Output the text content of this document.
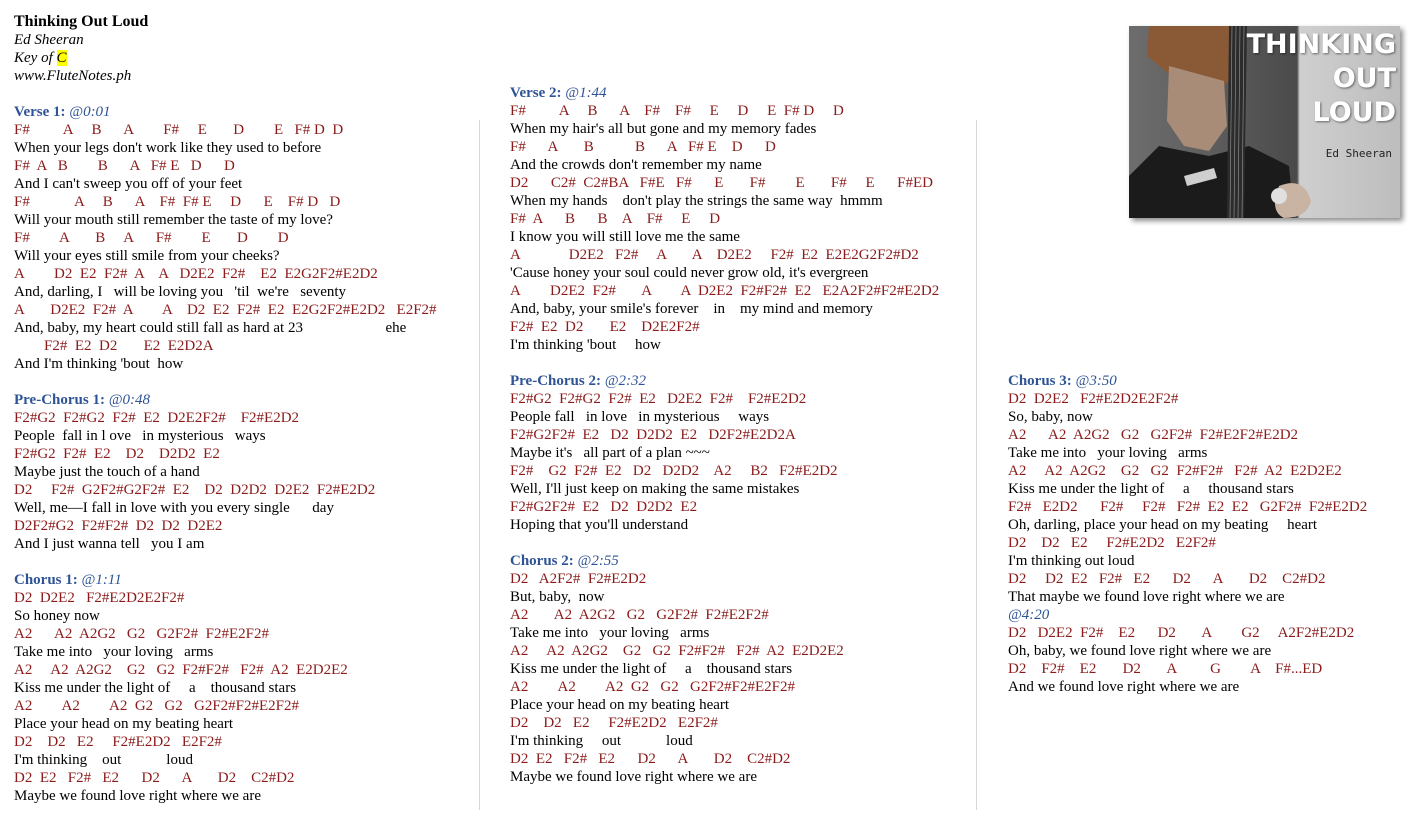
Thinking Out Loud
Ed Sheeran
Key of C
www.FluteNotes.ph
Verse 1: @0:01
F#         A     B      A        F#     E       D        E   F# D  D
When your legs don't work like they used to before
F#  A   B        B      A   F# E   D      D
And I can't sweep you off of your feet
F#            A     B      A    F#  F# E     D      E    F# D   D
Will your mouth still remember the taste of my love?
F#        A       B     A      F#        E       D        D
Will your eyes still smile from your cheeks?
A        D2  E2  F2#  A    A   D2E2  F2#    E2  E2G2F2#E2D2
And, darling, I   will be loving you   'til  we're   seventy
A       D2E2  F2#  A        A    D2  E2  F2#  E2  E2G2F2#E2D2   E2F2#
And, baby, my heart could still fall as hard at 23                      ehe
F2#  E2  D2       E2  E2D2A
And I'm thinking 'bout  how
Pre-Chorus 1: @0:48
F2#G2  F2#G2  F2#  E2  D2E2F2#    F2#E2D2
People  fall in l ove   in mysterious   ways
F2#G2  F2#  E2    D2    D2D2  E2
Maybe just the touch of a hand
D2     F2#  G2F2#G2F2#  E2    D2  D2D2  D2E2  F2#E2D2
Well, me—I fall in love with you every single      day
D2F2#G2  F2#F2#  D2  D2  D2E2
And I just wanna tell   you I am
Chorus 1: @1:11
D2  D2E2   F2#E2D2E2F2#
So honey now
A2      A2  A2G2   G2   G2F2#  F2#E2F2#
Take me into   your loving   arms
A2     A2  A2G2    G2   G2  F2#F2#   F2#  A2  E2D2E2
Kiss me under the light of     a    thousand stars
A2        A2        A2  G2   G2   G2F2#F2#E2F2#
Place your head on my beating heart
D2    D2   E2     F2#E2D2   E2F2#
I'm thinking    out            loud
D2  E2   F2#   E2      D2      A       D2    C2#D2
Maybe we found love right where we are
Verse 2: @1:44
F#         A     B      A    F#    F#     E     D     E  F# D     D
When my hair's all but gone and my memory fades
F#      A       B           B      A   F# E    D      D
And the crowds don't remember my name
D2      C2#  C2#BA   F#E   F#      E       F#        E       F#     E      F#ED
When my hands    don't play the strings the same way  hmmm
F#  A      B      B    A    F#     E     D
I know you will still love me the same
A             D2E2   F2#     A       A    D2E2     F2#  E2  E2E2G2F2#D2
'Cause honey your soul could never grow old, it's evergreen
A        D2E2  F2#       A        A  D2E2  F2#F2#  E2   E2A2F2#F2#E2D2
And, baby, your smile's forever    in    my mind and memory
F2#  E2  D2       E2    D2E2F2#
I'm thinking 'bout     how
Pre-Chorus 2: @2:32
F2#G2  F2#G2  F2#  E2   D2E2  F2#    F2#E2D2
People fall   in love   in mysterious     ways
F2#G2F2#  E2   D2  D2D2  E2   D2F2#E2D2A
Maybe it's   all part of a plan ~~~
F2#    G2  F2#  E2   D2   D2D2    A2     B2   F2#E2D2
Well, I'll just keep on making the same mistakes
F2#G2F2#  E2   D2  D2D2  E2
Hoping that you'll understand
Chorus 2: @2:55
D2   A2F2#  F2#E2D2
But, baby,  now
A2       A2  A2G2   G2   G2F2#  F2#E2F2#
Take me into   your loving   arms
A2     A2  A2G2    G2   G2  F2#F2#   F2#  A2  E2D2E2
Kiss me under the light of     a    thousand stars
A2        A2        A2  G2   G2   G2F2#F2#E2F2#
Place your head on my beating heart
D2    D2   E2     F2#E2D2   E2F2#
I'm thinking     out            loud
D2  E2   F2#   E2      D2      A       D2    C2#D2
Maybe we found love right where we are
Chorus 3: @3:50
D2  D2E2   F2#E2D2E2F2#
So, baby, now
A2      A2  A2G2   G2   G2F2#  F2#E2F2#E2D2
Take me into   your loving   arms
A2     A2  A2G2    G2   G2  F2#F2#   F2#  A2  E2D2E2
Kiss me under the light of     a     thousand stars
F2#   E2D2      F2#     F2#   F2#  E2  E2   G2F2#  F2#E2D2
Oh, darling, place your head on my beating     heart
D2    D2   E2     F2#E2D2   E2F2#
I'm thinking out loud
D2     D2  E2   F2#   E2      D2      A       D2    C2#D2
That maybe we found love right where we are
@4:20
D2   D2E2  F2#    E2      D2       A        G2     A2F2#E2D2
Oh, baby, we found love right where we are
D2    F2#    E2       D2       A         G        A    F#...ED
And we found love right where we are
THINKING
OUT
LOUD
Ed Sheeran
